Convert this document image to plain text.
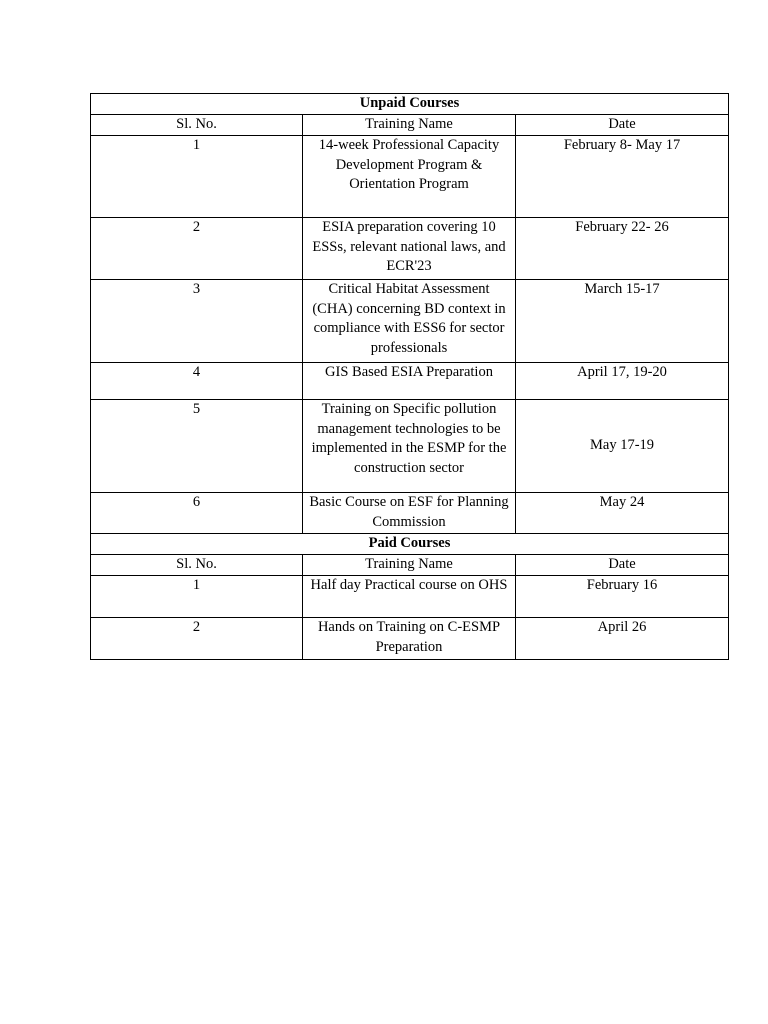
Unpaid Courses		
Sl. No.	Training Name	Date
1	14-week Professional Capacity Development Program & Orientation Program	February 8- May 17
2	ESIA preparation covering 10 ESSs, relevant national laws, and ECR'23	February 22- 26
3	Critical Habitat Assessment (CHA) concerning BD context in compliance with ESS6 for sector professionals	March 15-17
4	GIS Based ESIA Preparation	April 17, 19-20
5	Training on Specific pollution management technologies to be implemented in the ESMP for the construction sector	May 17-19
6	Basic Course on ESF for Planning Commission	May 24
Paid Courses		
Sl. No.	Training Name	Date
1	Half day Practical course on OHS	February 16
2	Hands on Training on C-ESMP Preparation	April 26
